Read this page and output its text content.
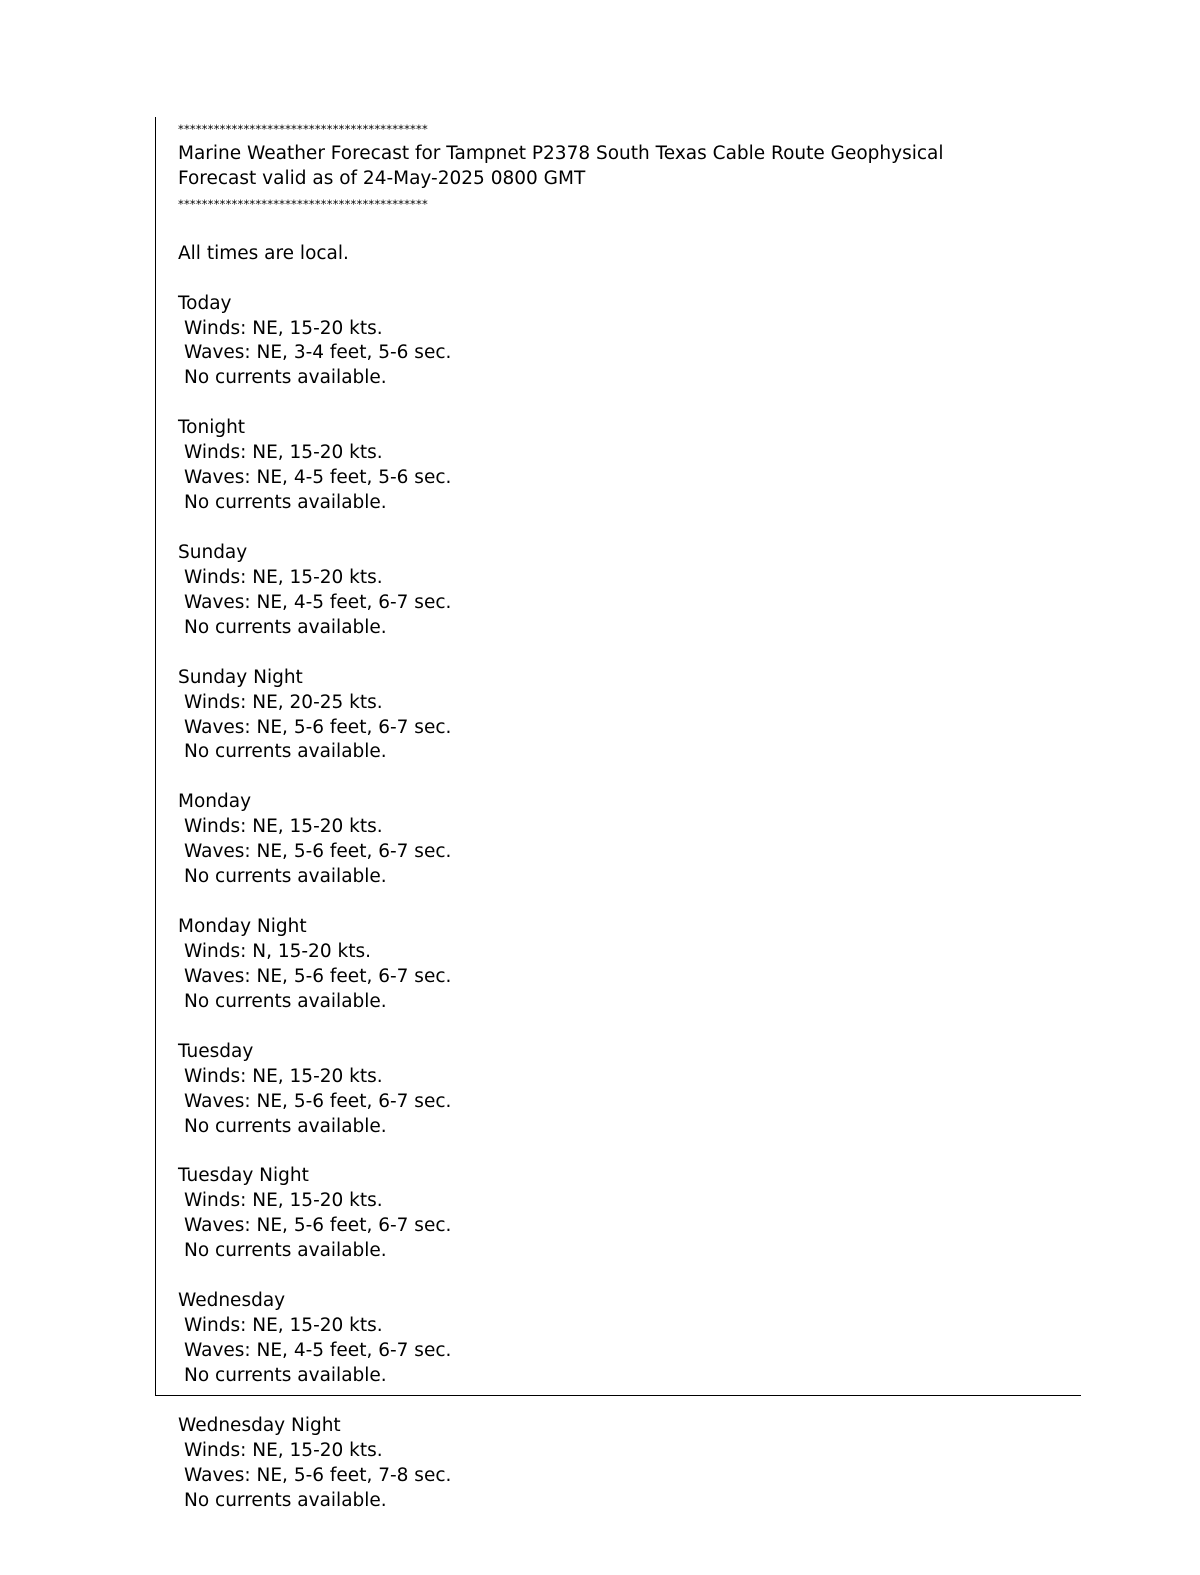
******************************************
Marine Weather Forecast for Tampnet P2378 South Texas Cable Route Geophysical
Forecast valid as of 24-May-2025 0800 GMT
******************************************
All times are local.
Today
Winds: NE, 15-20 kts.
Waves: NE, 3-4 feet, 5-6 sec.
No currents available.
Tonight
Winds: NE, 15-20 kts.
Waves: NE, 4-5 feet, 5-6 sec.
No currents available.
Sunday
Winds: NE, 15-20 kts.
Waves: NE, 4-5 feet, 6-7 sec.
No currents available.
Sunday Night
Winds: NE, 20-25 kts.
Waves: NE, 5-6 feet, 6-7 sec.
No currents available.
Monday
Winds: NE, 15-20 kts.
Waves: NE, 5-6 feet, 6-7 sec.
No currents available.
Monday Night
Winds: N, 15-20 kts.
Waves: NE, 5-6 feet, 6-7 sec.
No currents available.
Tuesday
Winds: NE, 15-20 kts.
Waves: NE, 5-6 feet, 6-7 sec.
No currents available.
Tuesday Night
Winds: NE, 15-20 kts.
Waves: NE, 5-6 feet, 6-7 sec.
No currents available.
Wednesday
Winds: NE, 15-20 kts.
Waves: NE, 4-5 feet, 6-7 sec.
No currents available.
Wednesday Night
Winds: NE, 15-20 kts.
Waves: NE, 5-6 feet, 7-8 sec.
No currents available.
